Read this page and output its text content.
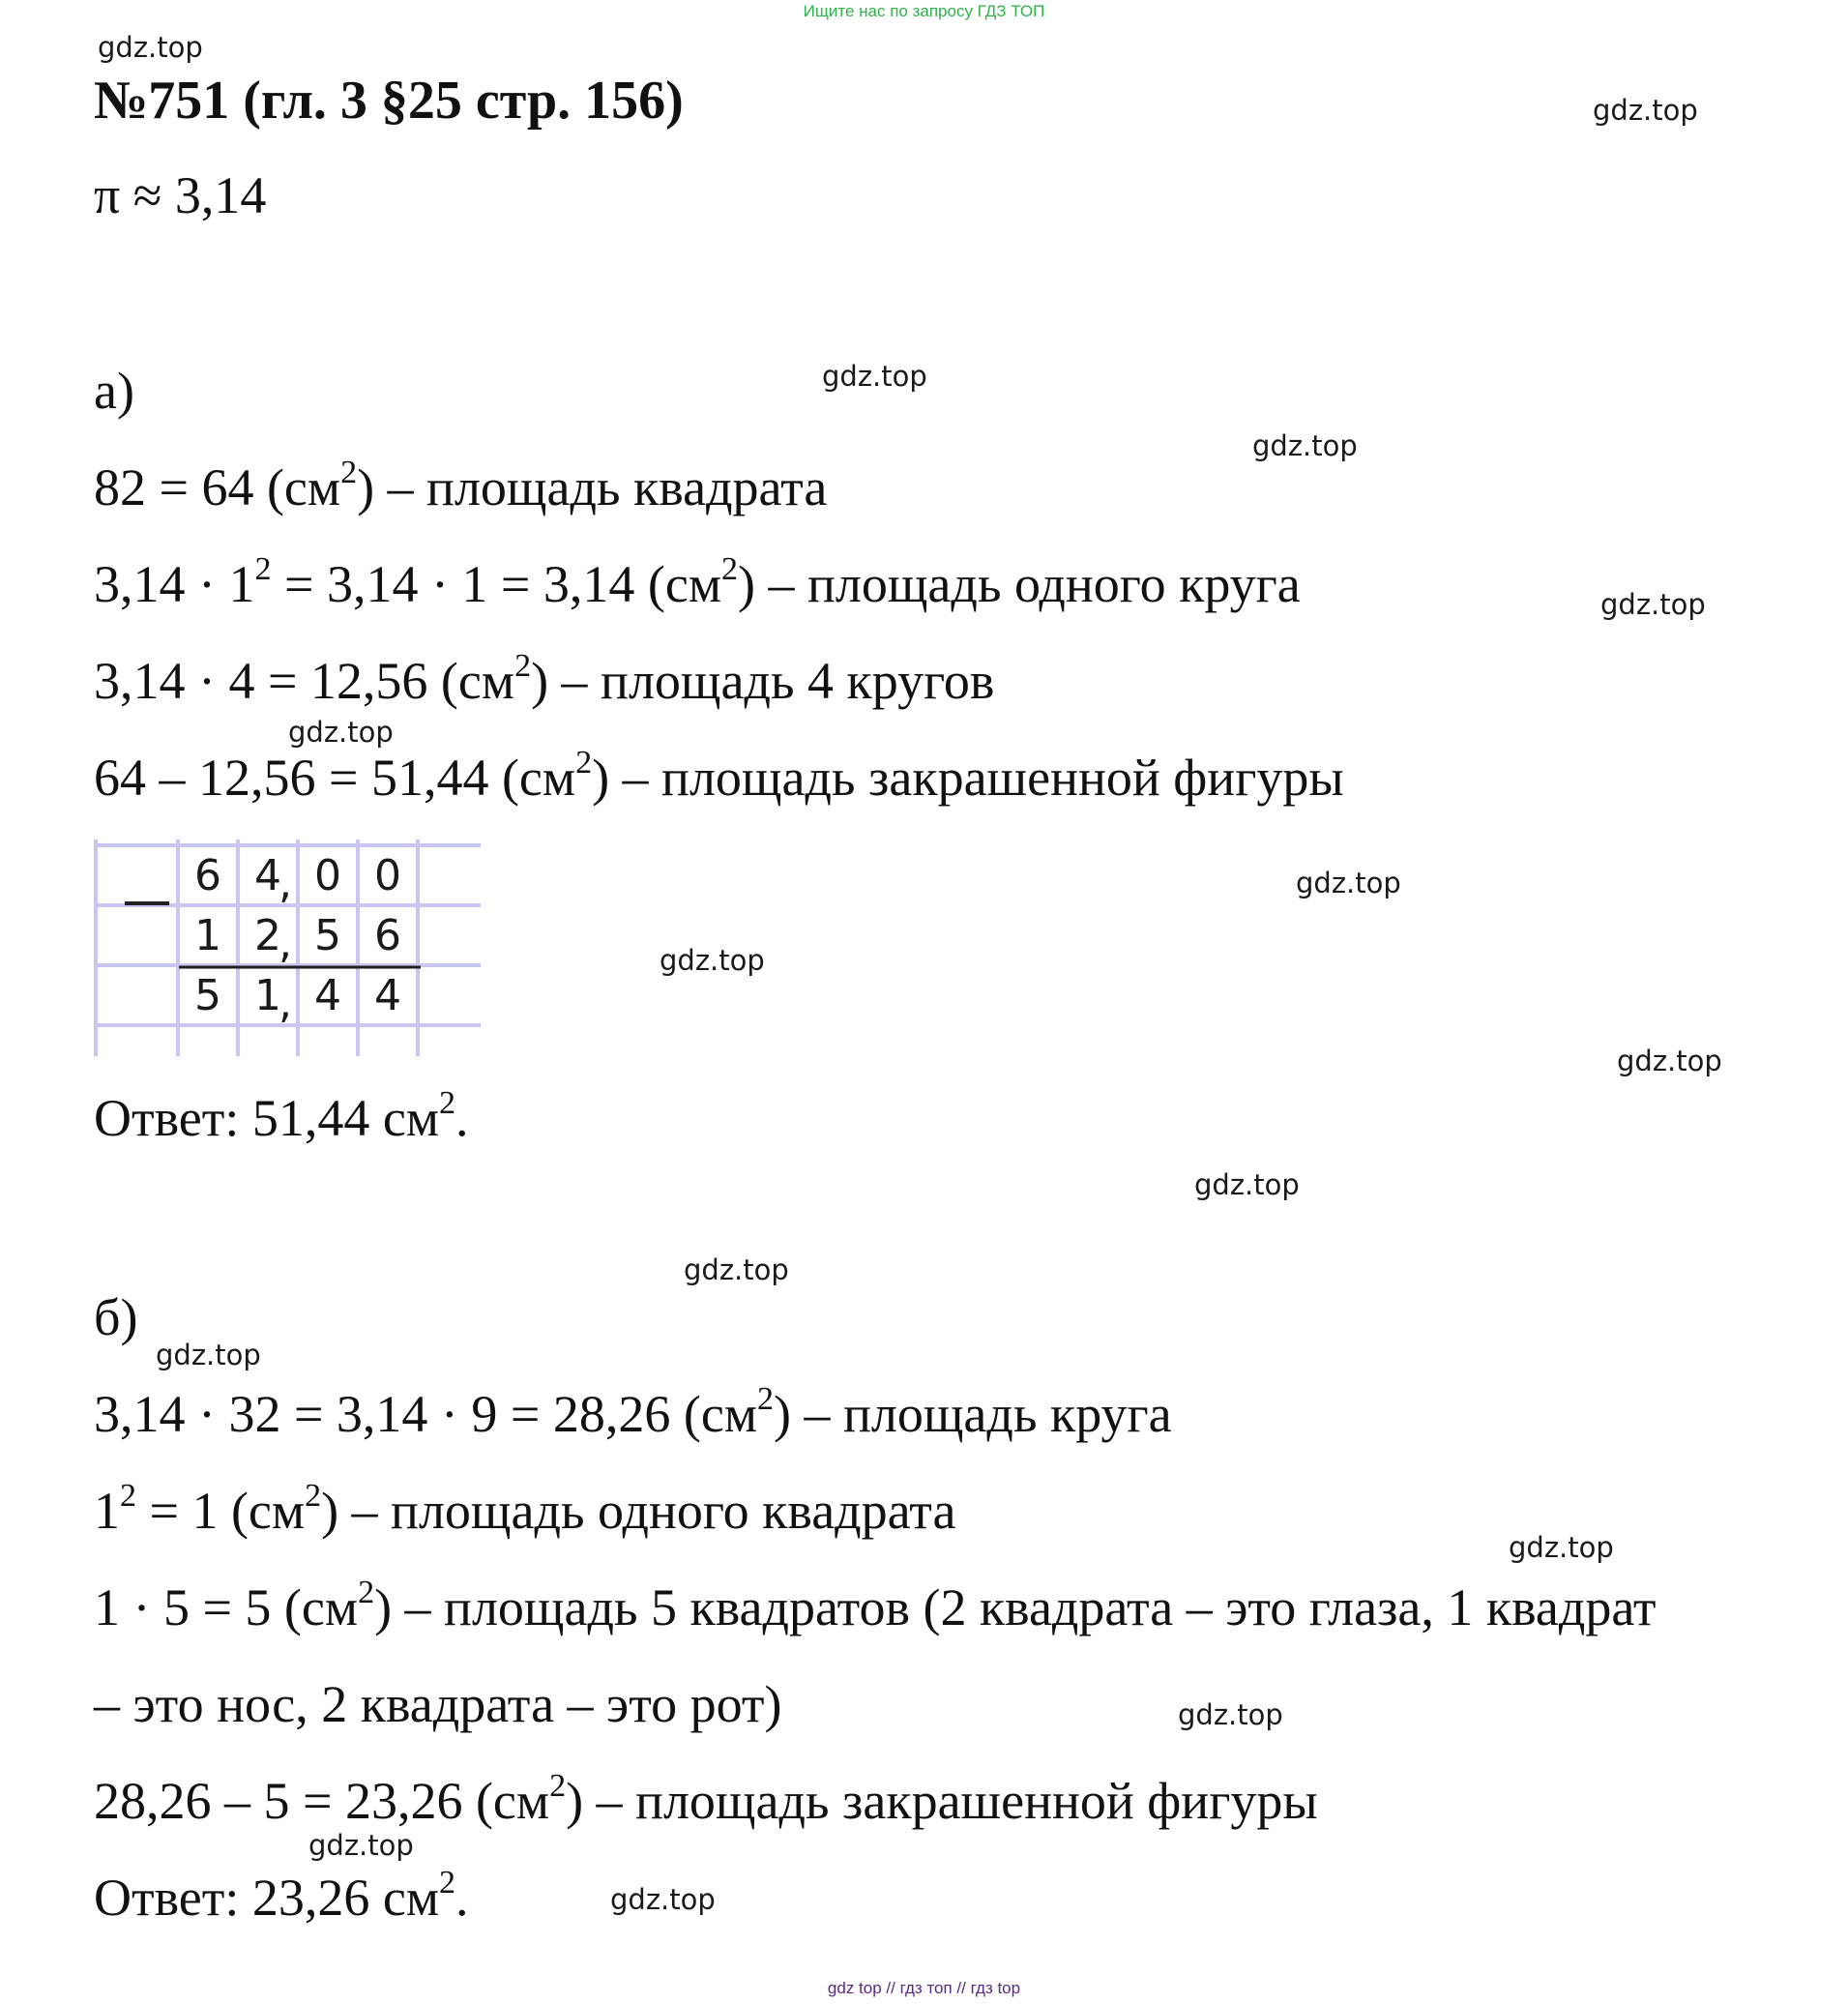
Ищите нас по запросу ГДЗ ТОП
gdz top // гдз топ // гдз top
gdz.top
gdz.top
gdz.top
gdz.top
gdz.top
gdz.top
gdz.top
gdz.top
gdz.top
gdz.top
gdz.top
gdz.top
gdz.top
gdz.top
gdz.top
gdz.top
№751 (гл. 3 §25 стр. 156)
π ≈ 3,14
а)
82 = 64 $(см^2)$ – площадь квадрата
$3,14 \cdot 1^2 = 3,14 \cdot 1 = 3,14$ $(см^2)$ – площадь одного круга
3,14 · 4 = 12,56 $(см^2)$ – площадь 4 кругов
64 – 12,56 = 51,44 $(см^2)$ – площадь закрашенной фигуры
6 4
, 0 0
1 2
, 5 6
5 1
, 4 4
–
Ответ: 51,44 $см^2$.
б)
3,14 · 32 = 3,14 · 9 = 28,26 $(см^2)$ – площадь круга
$1^2 = 1$ $(см^2)$ – площадь одного квадрата
1 · 5 = 5 $(см^2)$ – площадь 5 квадратов (2 квадрата – это глаза, 1 квадрат
– это нос, 2 квадрата – это рот)
28,26 – 5 = 23,26 $(см^2)$ – площадь закрашенной фигуры
Ответ: 23,26 $см^2$.
